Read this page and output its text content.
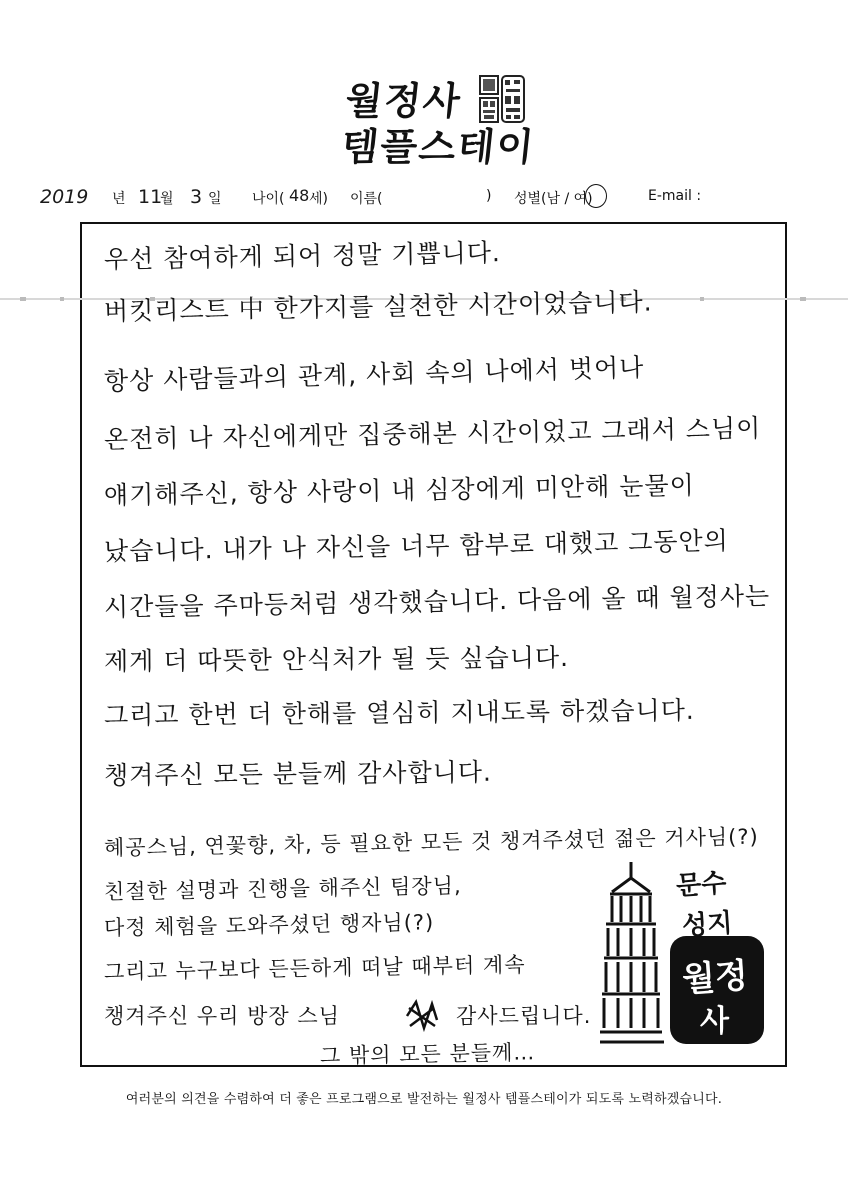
월정사
템플스테이
2019 년 11
월 3 일 나이( 48 세) 이름(	) 성별(남 / 여)	E-mail :
우선 참여하게 되어 정말 기쁩니다.
버킷리스트 中 한가지를 실천한 시간이었습니다.
항상 사람들과의 관계, 사회 속의 나에서 벗어나
온전히 나 자신에게만 집중해본 시간이었고 그래서 스님이
얘기해주신, 항상 사랑이 내 심장에게 미안해 눈물이
났습니다. 내가 나 자신을 너무 함부로 대했고 그동안의
시간들을 주마등처럼 생각했습니다. 다음에 올 때 월정사는
제게 더 따뜻한 안식처가 될 듯 싶습니다.
그리고 한번 더 한해를 열심히 지내도록 하겠습니다.
챙겨주신 모든 분들께 감사합니다.
혜공스님, 연꽃향, 차, 등 필요한 모든 것 챙겨주셨던 젊은 거사님(?)
친절한 설명과 진행을 해주신 팀장님,
다정 체험을 도와주셨던 행자님(?)
그리고 누구보다 든든하게 떠날 때부터 계속
챙겨주신 우리 방장 스님	감사드립니다.
그 밖의 모든 분들께…
문수
성지
월정
사
여러분의 의견을 수렴하여 더 좋은 프로그램으로 발전하는 월정사 템플스테이가 되도록 노력하겠습니다.
